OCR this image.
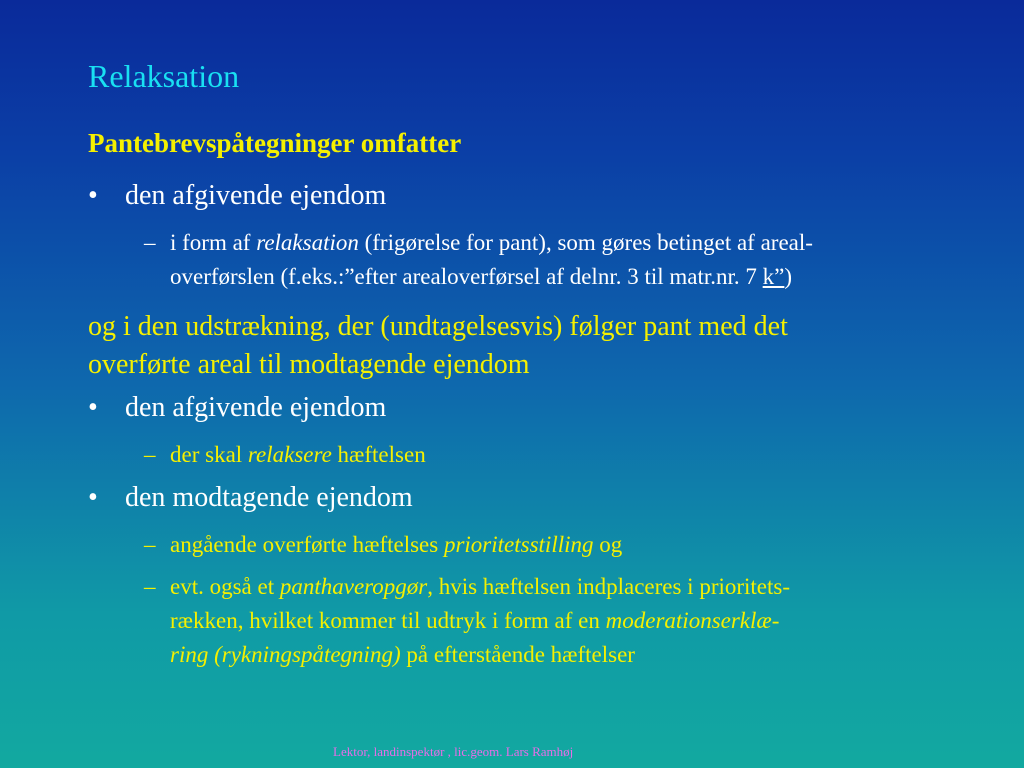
Relaksation
Pantebrevspåtegninger omfatter
• den afgivende ejendom
– i form af relaksation (frigørelse for pant), som gøres betinget af areal-
overførslen (f.eks.:”efter arealoverførsel af delnr. 3 til matr.nr. 7 k”)
og i den udstrækning, der (undtagelsesvis) følger pant med det
overførte areal til modtagende ejendom
• den afgivende ejendom
– der skal relaksere hæftelsen
• den modtagende ejendom
– angående overførte hæftelses prioritetsstilling og
– evt. også et panthaveropgør, hvis hæftelsen indplaceres i prioritets-
rækken, hvilket kommer til udtryk i form af en moderationserklæ-
ring (rykningspåtegning) på efterstående hæftelser
Lektor, landinspektør , lic.geom. Lars Ramhøj
